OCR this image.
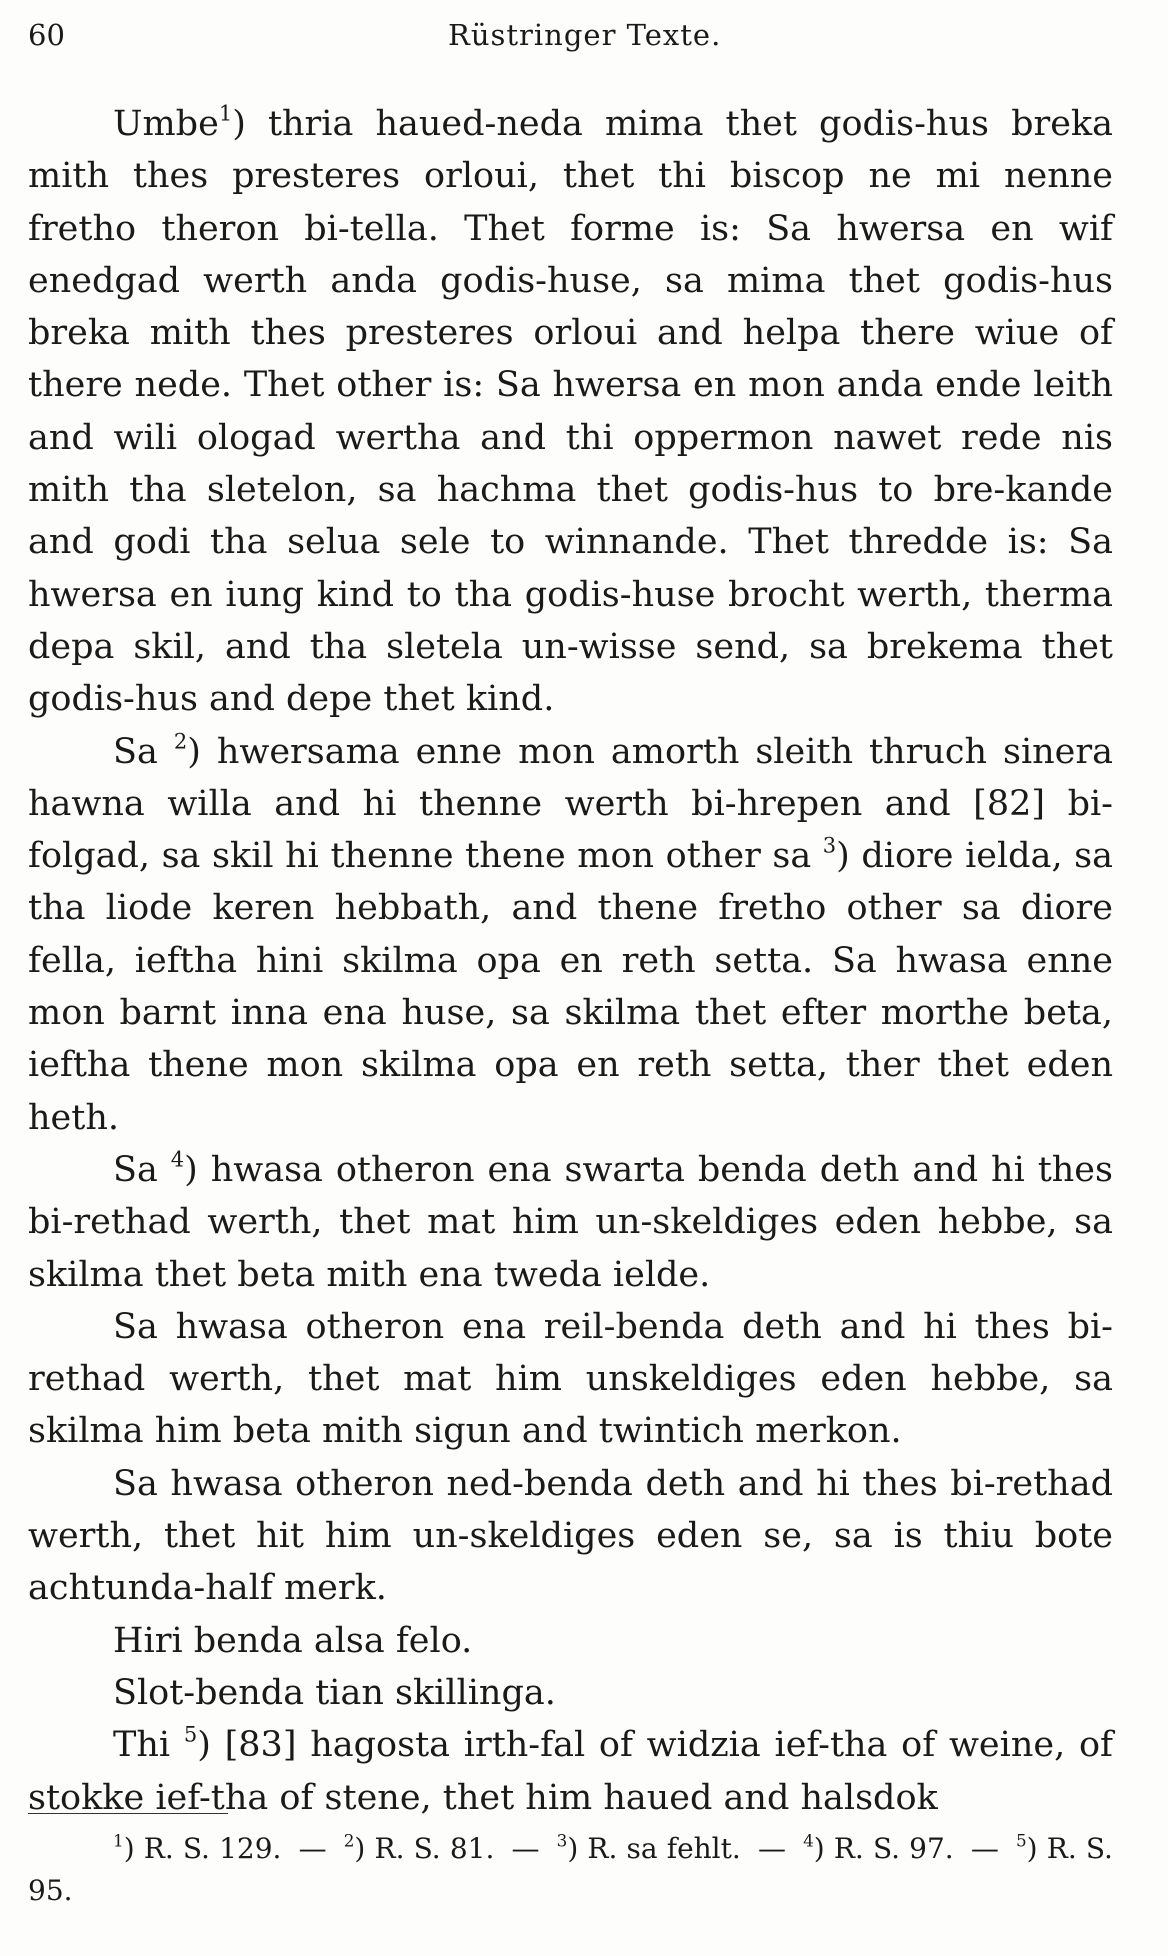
60	Rüstringer Texte.

Umbe$^1$) thria haued-neda mima thet godis-hus breka mith thes presteres orloui, thet thi biscop ne mi nenne fretho theron bi-tella. Thet forme is: Sa hwersa en wif enedgad werth anda godis-huse, sa mima thet godis-hus breka mith thes presteres orloui and helpa there wiue of there nede. Thet other is: Sa hwersa en mon anda ende leith and wili ologad wertha and thi oppermon nawet rede nis mith tha sletelon, sa hachma thet godis-hus to bre-kande and godi tha selua sele to winnande. Thet thredde is: Sa hwersa en iung kind to tha godis-huse brocht werth, therma depa skil, and tha sletela un-wisse send, sa brekema thet godis-hus and depe thet kind.

Sa $^2$) hwersama enne mon amorth sleith thruch sinera hawna willa and hi thenne werth bi-hrepen and [82] bi-folgad, sa skil hi thenne thene mon other sa $^3$) diore ielda, sa tha liode keren hebbath, and thene fretho other sa diore fella, ieftha hini skilma opa en reth setta. Sa hwasa enne mon barnt inna ena huse, sa skilma thet efter morthe beta, ieftha thene mon skilma opa en reth setta, ther thet eden heth.

Sa $^4$) hwasa otheron ena swarta benda deth and hi thes bi-rethad werth, thet mat him un-skeldiges eden hebbe, sa skilma thet beta mith ena tweda ielde.

Sa hwasa otheron ena reil-benda deth and hi thes bi-rethad werth, thet mat him unskeldiges eden hebbe, sa skilma him beta mith sigun and twintich merkon.

Sa hwasa otheron ned-benda deth and hi thes bi-rethad werth, thet hit him un-skeldiges eden se, sa is thiu bote achtunda-half merk.

Hiri benda alsa felo.

Slot-benda tian skillinga.

Thi $^5$) [83] hagosta irth-fal of widzia ief-tha of weine, of stokke ief-tha of stene, thet him haued and halsdok

$^1$) R. S. 129. — $^2$) R. S. 81. — $^3$) R. sa fehlt. — $^4$) R. S. 97. — $^5$) R. S. 95.
